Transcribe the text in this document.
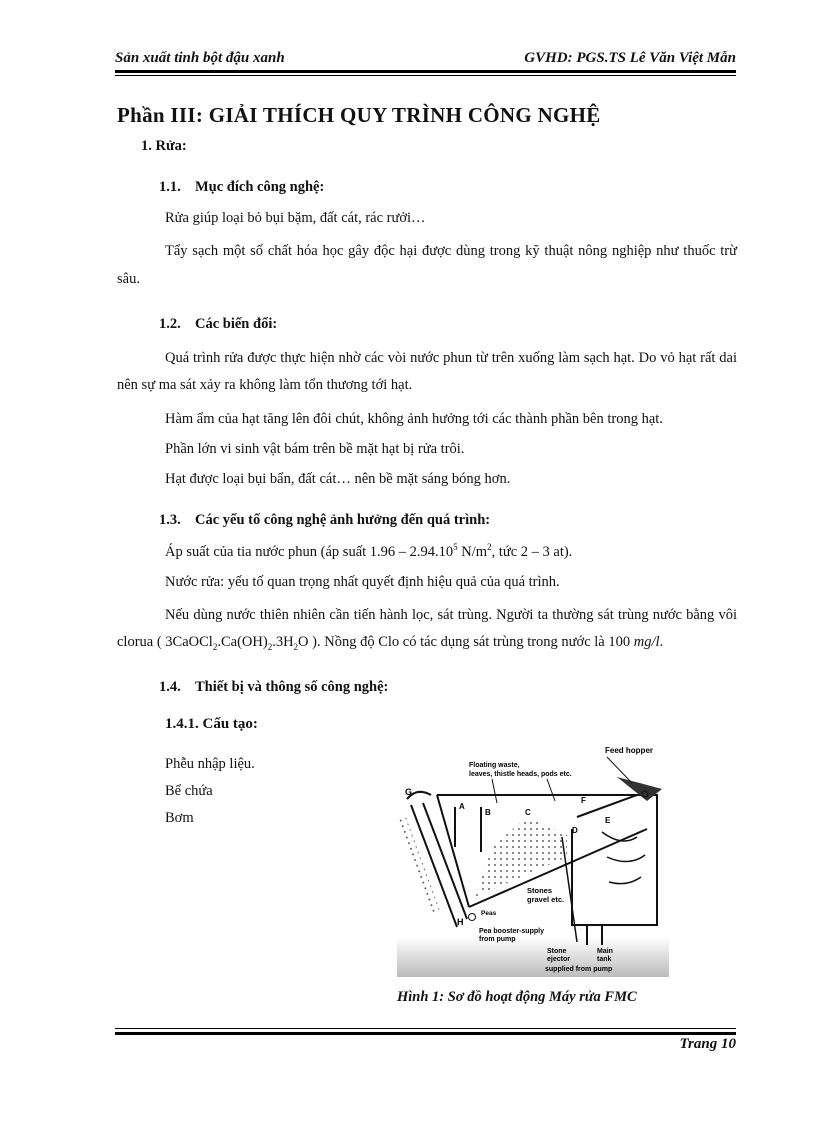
Sản xuất tinh bột đậu xanh	GVHD: PGS.TS Lê Văn Việt Mẫn
Phần III: GIẢI THÍCH QUY TRÌNH CÔNG NGHỆ
1. Rửa:
1.1. Mục đích công nghệ:

Rửa giúp loại bỏ bụi bặm, đất cát, rác rưởi…

Tẩy sạch một số chất hóa học gây độc hại được dùng trong kỹ thuật nông nghiệp như thuốc trừ sâu.

1.2. Các biến đổi:

Quá trình rửa được thực hiện nhờ các vòi nước phun từ trên xuống làm sạch hạt. Do vỏ hạt rất dai nên sự ma sát xảy ra không làm tổn thương tới hạt.

Hàm ẩm của hạt tăng lên đôi chút, không ảnh hưởng tới các thành phần bên trong hạt.

Phần lớn vi sinh vật bám trên bề mặt hạt bị rửa trôi.

Hạt được loại bụi bẩn, đất cát… nên bề mặt sáng bóng hơn.

1.3. Các yếu tố công nghệ ảnh hưởng đến quá trình:

Áp suất của tia nước phun (áp suất 1.96 – 2.94.10$^5$ $N/m^2$, tức 2 – 3 at).

Nước rửa: yếu tố quan trọng nhất quyết định hiệu quả của quá trình.

Nếu dùng nước thiên nhiên cần tiến hành lọc, sát trùng. Người ta thường sát trùng nước bằng vôi clorua ( $3CaOCl_2.Ca(OH)_2.3H_2O$ ). Nồng độ Clo có tác dụng sát trùng trong nước là 100 mg/l.

1.4. Thiết bị và thông số công nghệ:
1.4.1. Cấu tạo:
Phễu nhập liệu.
Bể chứa
Bơm
Feed hopper
Floating waste,
leaves, thistle heads, pods etc.
Stones
gravel etc.
Peas
Pea booster-supply
from pump
Stone
ejector
Main
tank
supplied from pump
G
A
B	C
D
E
F
H
Hình 1: Sơ đồ hoạt động Máy rửa FMC
Trang 10
